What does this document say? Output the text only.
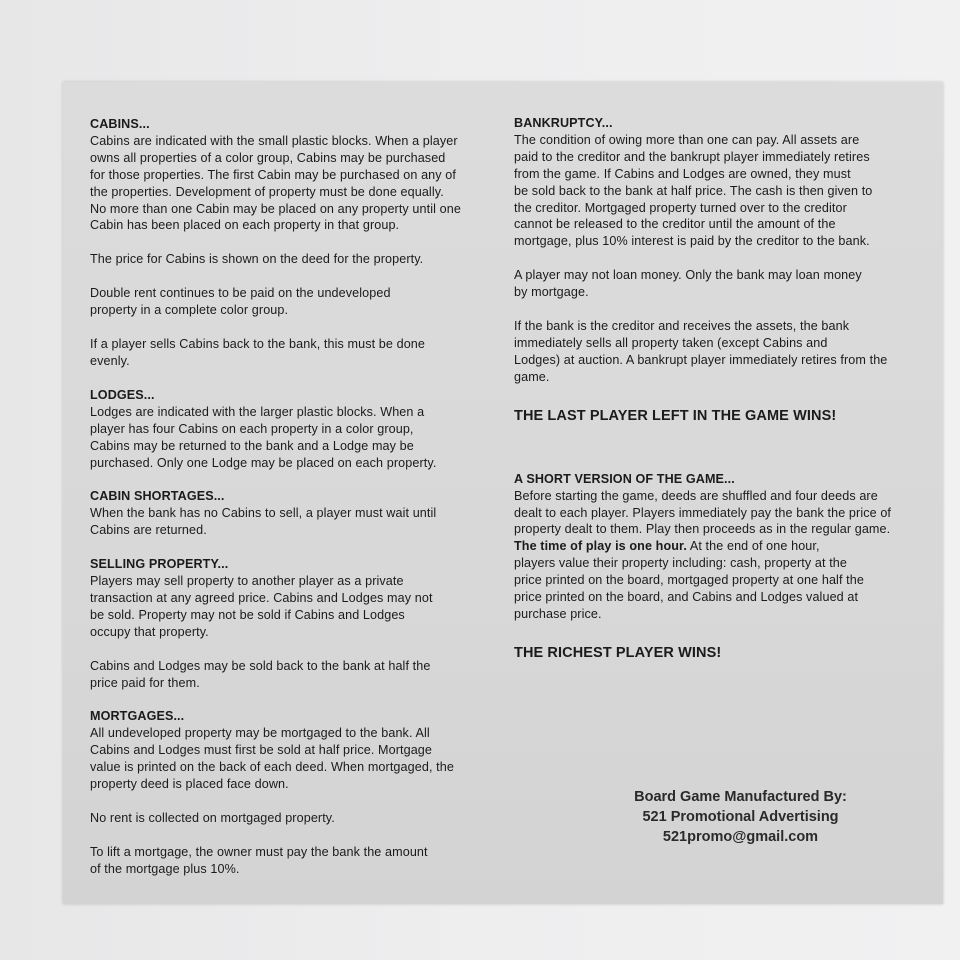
CABINS...

Cabins are indicated with the small plastic blocks. When a player
owns all properties of a color group, Cabins may be purchased
for those properties. The first Cabin may be purchased on any of
the properties. Development of property must be done equally.
No more than one Cabin may be placed on any property until one
Cabin has been placed on each property in that group.

The price for Cabins is shown on the deed for the property.

Double rent continues to be paid on the undeveloped
property in a complete color group.

If a player sells Cabins back to the bank, this must be done
evenly.

LODGES...

Lodges are indicated with the larger plastic blocks. When a
player has four Cabins on each property in a color group,
Cabins may be returned to the bank and a Lodge may be
purchased. Only one Lodge may be placed on each property.

CABIN SHORTAGES...

When the bank has no Cabins to sell, a player must wait until
Cabins are returned.

SELLING PROPERTY...

Players may sell property to another player as a private
transaction at any agreed price. Cabins and Lodges may not
be sold. Property may not be sold if Cabins and Lodges
occupy that property.

Cabins and Lodges may be sold back to the bank at half the
price paid for them.

MORTGAGES...

All undeveloped property may be mortgaged to the bank. All
Cabins and Lodges must first be sold at half price. Mortgage
value is printed on the back of each deed. When mortgaged, the
property deed is placed face down.

No rent is collected on mortgaged property.

To lift a mortgage, the owner must pay the bank the amount
of the mortgage plus 10%.

BANKRUPTCY...

The condition of owing more than one can pay. All assets are
paid to the creditor and the bankrupt player immediately retires
from the game. If Cabins and Lodges are owned, they must
be sold back to the bank at half price. The cash is then given to
the creditor. Mortgaged property turned over to the creditor
cannot be released to the creditor until the amount of the
mortgage, plus 10% interest is paid by the creditor to the bank.

A player may not loan money. Only the bank may loan money
by mortgage.

If the bank is the creditor and receives the assets, the bank
immediately sells all property taken (except Cabins and
Lodges) at auction. A bankrupt player immediately retires from the
game.

THE LAST PLAYER LEFT IN THE GAME WINS!

A SHORT VERSION OF THE GAME...

Before starting the game, deeds are shuffled and four deeds are
dealt to each player. Players immediately pay the bank the price of
property dealt to them. Play then proceeds as in the regular game.

The time of play is one hour. At the end of one hour,
players value their property including: cash, property at the
price printed on the board, mortgaged property at one half the
price printed on the board, and Cabins and Lodges valued at
purchase price.

THE RICHEST PLAYER WINS!

Board Game Manufactured By:
521 Promotional Advertising
521promo@gmail.com
